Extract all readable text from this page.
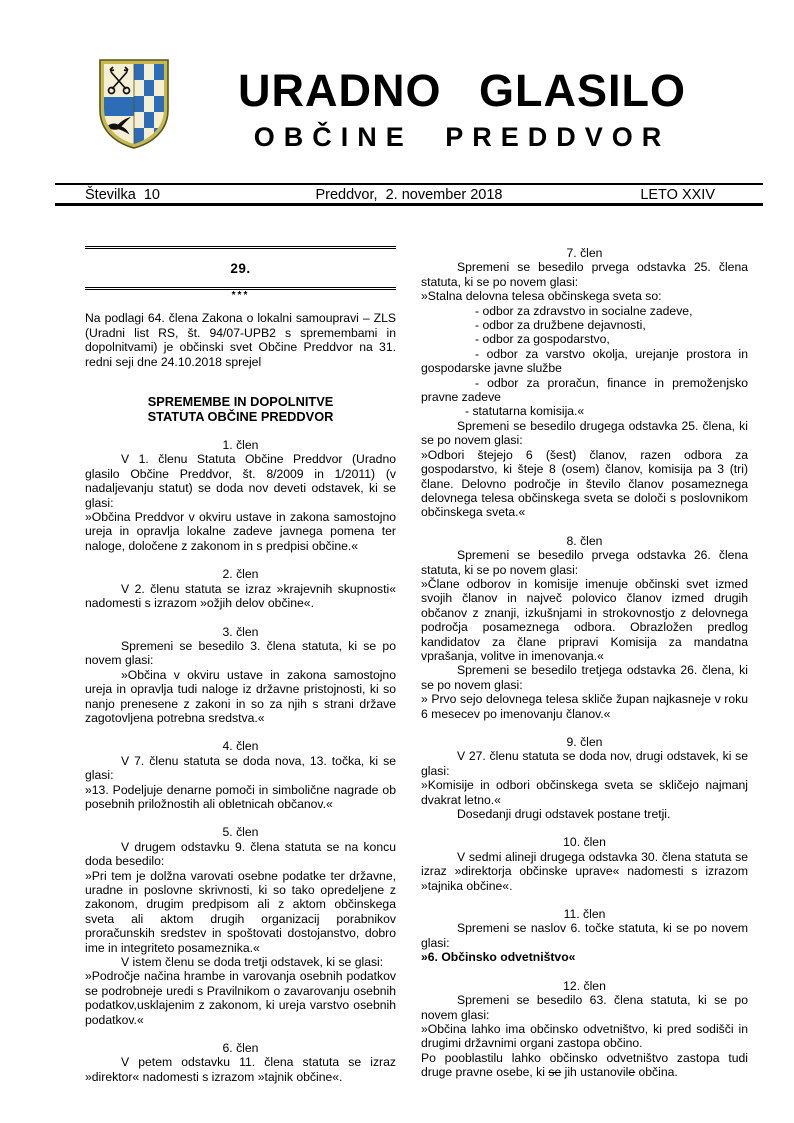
URADNO GLASILO
OBČINE PREDDVOR
Številka  10	Preddvor,  2. november 2018	LETO XXIV
29.
***
Na podlagi 64. člena Zakona o lokalni samoupravi – ZLS (Uradni list RS, št. 94/07-UPB2 s spremembami in dopolnitvami) je občinski svet Občine Preddvor na 31. redni seji dne 24.10.2018 sprejel
SPREMEMBE IN DOPOLNITVE
STATUTA OBČINE PREDDVOR
1. člen
V 1. členu Statuta Občine Preddvor (Uradno glasilo Občine Preddvor, št. 8/2009 in 1/2011) (v nadaljevanju statut) se doda nov deveti odstavek, ki se glasi:
»Občina Preddvor v okviru ustave in zakona samostojno ureja in opravlja lokalne zadeve javnega pomena ter naloge, določene z zakonom in s predpisi občine.«
2. člen
V 2. členu statuta se izraz »krajevnih skupnosti« nadomesti s izrazom »ožjih delov občine«.
3. člen
Spremeni se besedilo 3. člena statuta, ki se po novem glasi:
»Občina v okviru ustave in zakona samostojno ureja in opravlja tudi naloge iz državne pristojnosti, ki so nanjo prenesene z zakoni in so za njih s strani države zagotovljena potrebna sredstva.«
4. člen
V 7. členu statuta se doda nova, 13. točka, ki se glasi:
»13. Podeljuje denarne pomoči in simbolične nagrade ob posebnih priložnostih ali obletnicah občanov.«
5. člen
V drugem odstavku 9. člena statuta se na koncu doda besedilo:
»Pri tem je dolžna varovati osebne podatke ter državne, uradne in poslovne skrivnosti, ki so tako opredeljene z zakonom, drugim predpisom ali z aktom občinskega sveta ali aktom drugih organizacij porabnikov proračunskih sredstev in spoštovati dostojanstvo, dobro ime in integriteto posameznika.«
V istem členu se doda tretji odstavek, ki se glasi:
»Področje načina hrambe in varovanja osebnih podatkov se podrobneje uredi s Pravilnikom o zavarovanju osebnih podatkov,usklajenim z zakonom, ki ureja varstvo osebnih podatkov.«
6. člen
V petem odstavku 11. člena statuta se izraz »direktor« nadomesti s izrazom »tajnik občine«.
7. člen
Spremeni se besedilo prvega odstavka 25. člena statuta, ki se po novem glasi:
»Stalna delovna telesa občinskega sveta so:
- odbor za zdravstvo in socialne zadeve,
- odbor za družbene dejavnosti,
- odbor za gospodarstvo,
- odbor za varstvo okolja, urejanje prostora in gospodarske javne službe
- odbor za proračun, finance in premoženjsko pravne zadeve
- statutarna komisija.«
Spremeni se besedilo drugega odstavka 25. člena, ki se po novem glasi:
»Odbori štejejo 6 (šest) članov, razen odbora za gospodarstvo, ki šteje 8 (osem) članov, komisija pa 3 (tri) člane. Delovno področje in število članov posameznega delovnega telesa občinskega sveta se določi s poslovnikom občinskega sveta.«
8. člen
Spremeni se besedilo prvega odstavka 26. člena statuta, ki se po novem glasi:
»Člane odborov in komisije imenuje občinski svet izmed svojih članov in največ polovico članov izmed drugih občanov z znanji, izkušnjami in strokovnostjo z delovnega področja posameznega odbora. Obrazložen predlog kandidatov za člane pripravi Komisija za mandatna vprašanja, volitve in imenovanja.«
Spremeni se besedilo tretjega odstavka 26. člena, ki se po novem glasi:
» Prvo sejo delovnega telesa skliče župan najkasneje v roku 6 mesecev po imenovanju članov.«
9. člen
V 27. členu statuta se doda nov, drugi odstavek, ki se glasi:
»Komisije in odbori občinskega sveta se skličejo najmanj dvakrat letno.«
Dosedanji drugi odstavek postane tretji.
10. člen
V sedmi alineji drugega odstavka 30. člena statuta se izraz »direktorja občinske uprave« nadomesti s izrazom »tajnika občine«.
11. člen
Spremeni se naslov 6. točke statuta, ki se po novem glasi:
»6. Občinsko odvetništvo«
12. člen
Spremeni se besedilo 63. člena statuta, ki se po novem glasi:
»Občina lahko ima občinsko odvetništvo, ki pred sodišči in drugimi državnimi organi zastopa občino.
Po pooblastilu lahko občinsko odvetništvo zastopa tudi druge pravne osebe, ki se jih ustanovile občina.
